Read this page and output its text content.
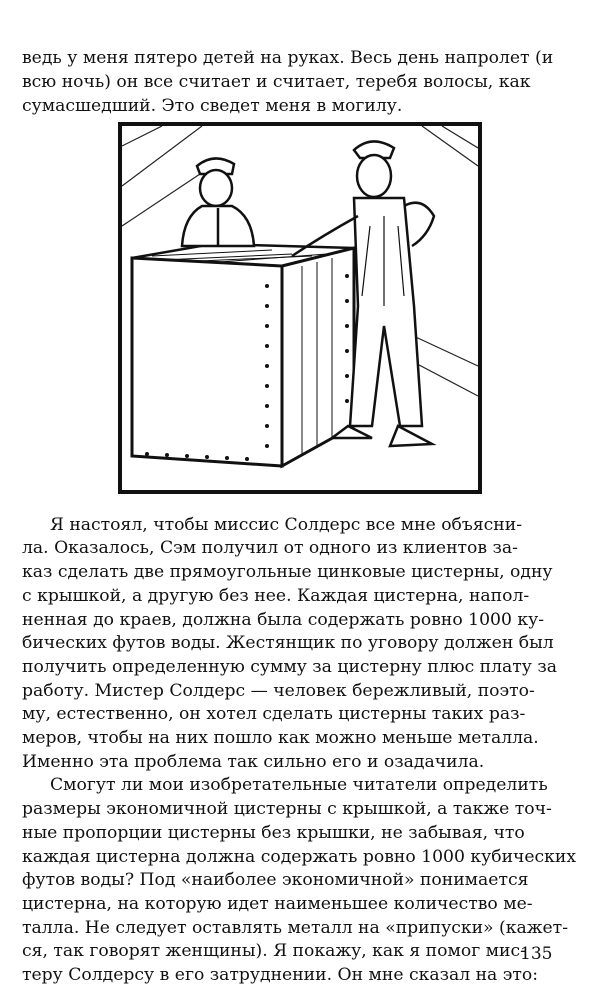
ведь у меня пятеро детей на руках. Весь день напролет (и
всю ночь) он все считает и считает, теребя волосы, как
сумасшедший. Это сведет меня в могилу.
Я настоял, чтобы миссис Солдерс все мне объясни-
ла. Оказалось, Сэм получил от одного из клиентов за-
каз сделать две прямоугольные цинковые цистерны, одну
с крышкой, а другую без нее. Каждая цистерна, напол-
ненная до краев, должна была содержать ровно 1000 ку-
бических футов воды. Жестянщик по уговору должен был
получить определенную сумму за цистерну плюс плату за
работу. Мистер Солдерс — человек бережливый, поэто-
му, естественно, он хотел сделать цистерны таких раз-
меров, чтобы на них пошло как можно меньше металла.
Именно эта проблема так сильно его и озадачила.
Смогут ли мои изобретательные читатели определить
размеры экономичной цистерны с крышкой, а также точ-
ные пропорции цистерны без крышки, не забывая, что
каждая цистерна должна содержать ровно 1000 кубических
футов воды? Под «наиболее экономичной» понимается
цистерна, на которую идет наименьшее количество ме-
талла. Не следует оставлять металл на «припуски» (кажет-
ся, так говорят женщины). Я покажу, как я помог мис-
теру Солдерсу в его затруднении. Он мне сказал на это:
135
